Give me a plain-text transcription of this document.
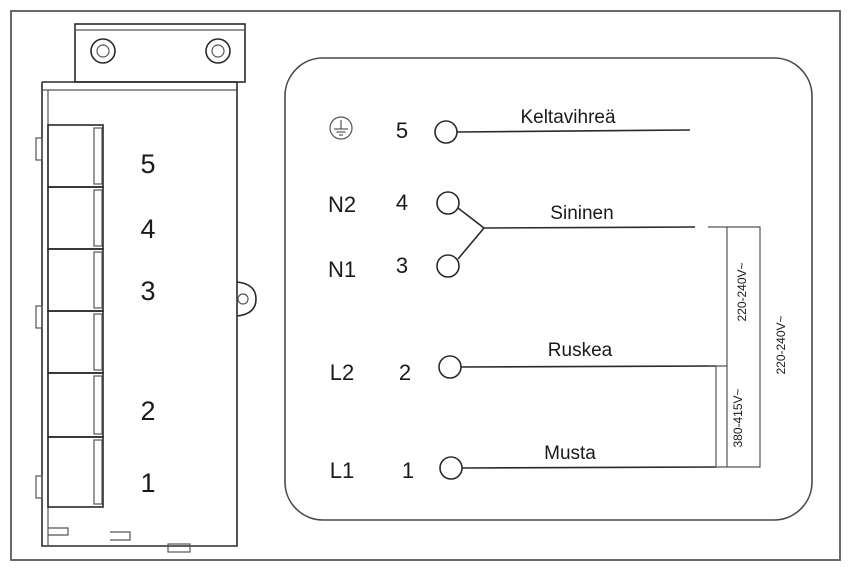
5
4
3
2
1
N2
N1
L2
L1
5
4
3
2
1
Keltavihreä
Sininen
Ruskea
Musta
220-240V~
220-240V~
380-415V~
